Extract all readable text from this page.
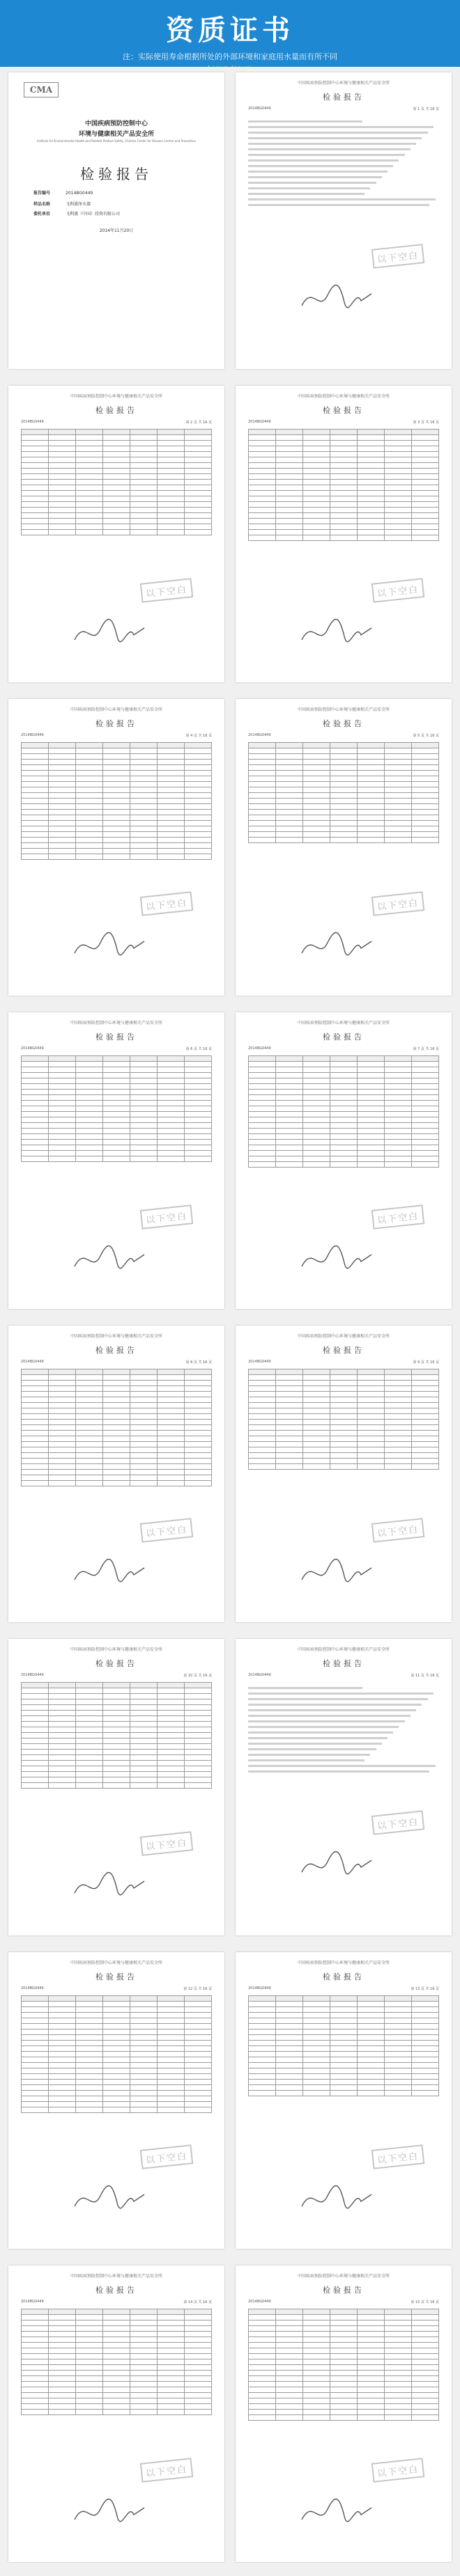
资质证书
注：实际使用寿命根据所处的外部环境和家庭用水量而有所不同
CMA
中国疾病预防控制中心
环境与健康相关产品安全所
Institute for Environmental Health and Related Product Safety, Chinese Center for Disease Control and Prevention
检验报告
报告编号	2014BG0449
样品名称	飞利浦净水器
委托单位	飞利浦（中国）投资有限公司
2014年11月20日
中国疾病预防控制中心环境与健康相关产品安全所
检验报告
2014BG0449	第 1 页 共 16 页
以下空白
中国疾病预防控制中心环境与健康相关产品安全所
检验报告
2014BG0449	第 2 页 共 16 页

以下空白
中国疾病预防控制中心环境与健康相关产品安全所
检验报告
2014BG0449	第 3 页 共 16 页

以下空白
中国疾病预防控制中心环境与健康相关产品安全所
检验报告
2014BG0449	第 4 页 共 16 页

以下空白
中国疾病预防控制中心环境与健康相关产品安全所
检验报告
2014BG0449	第 5 页 共 16 页

以下空白
中国疾病预防控制中心环境与健康相关产品安全所
检验报告
2014BG0449	第 6 页 共 16 页

以下空白
中国疾病预防控制中心环境与健康相关产品安全所
检验报告
2014BG0449	第 7 页 共 16 页

以下空白
中国疾病预防控制中心环境与健康相关产品安全所
检验报告
2014BG0449	第 8 页 共 16 页

以下空白
中国疾病预防控制中心环境与健康相关产品安全所
检验报告
2014BG0449	第 9 页 共 16 页

以下空白
中国疾病预防控制中心环境与健康相关产品安全所
检验报告
2014BG0449	第 10 页 共 16 页

以下空白
中国疾病预防控制中心环境与健康相关产品安全所
检验报告
2014BG0449	第 11 页 共 16 页
以下空白
中国疾病预防控制中心环境与健康相关产品安全所
检验报告
2014BG0449	第 12 页 共 16 页

以下空白
中国疾病预防控制中心环境与健康相关产品安全所
检验报告
2014BG0449	第 13 页 共 16 页

以下空白
中国疾病预防控制中心环境与健康相关产品安全所
检验报告
2014BG0449	第 14 页 共 16 页

以下空白
中国疾病预防控制中心环境与健康相关产品安全所
检验报告
2014BG0449	第 15 页 共 16 页

以下空白
